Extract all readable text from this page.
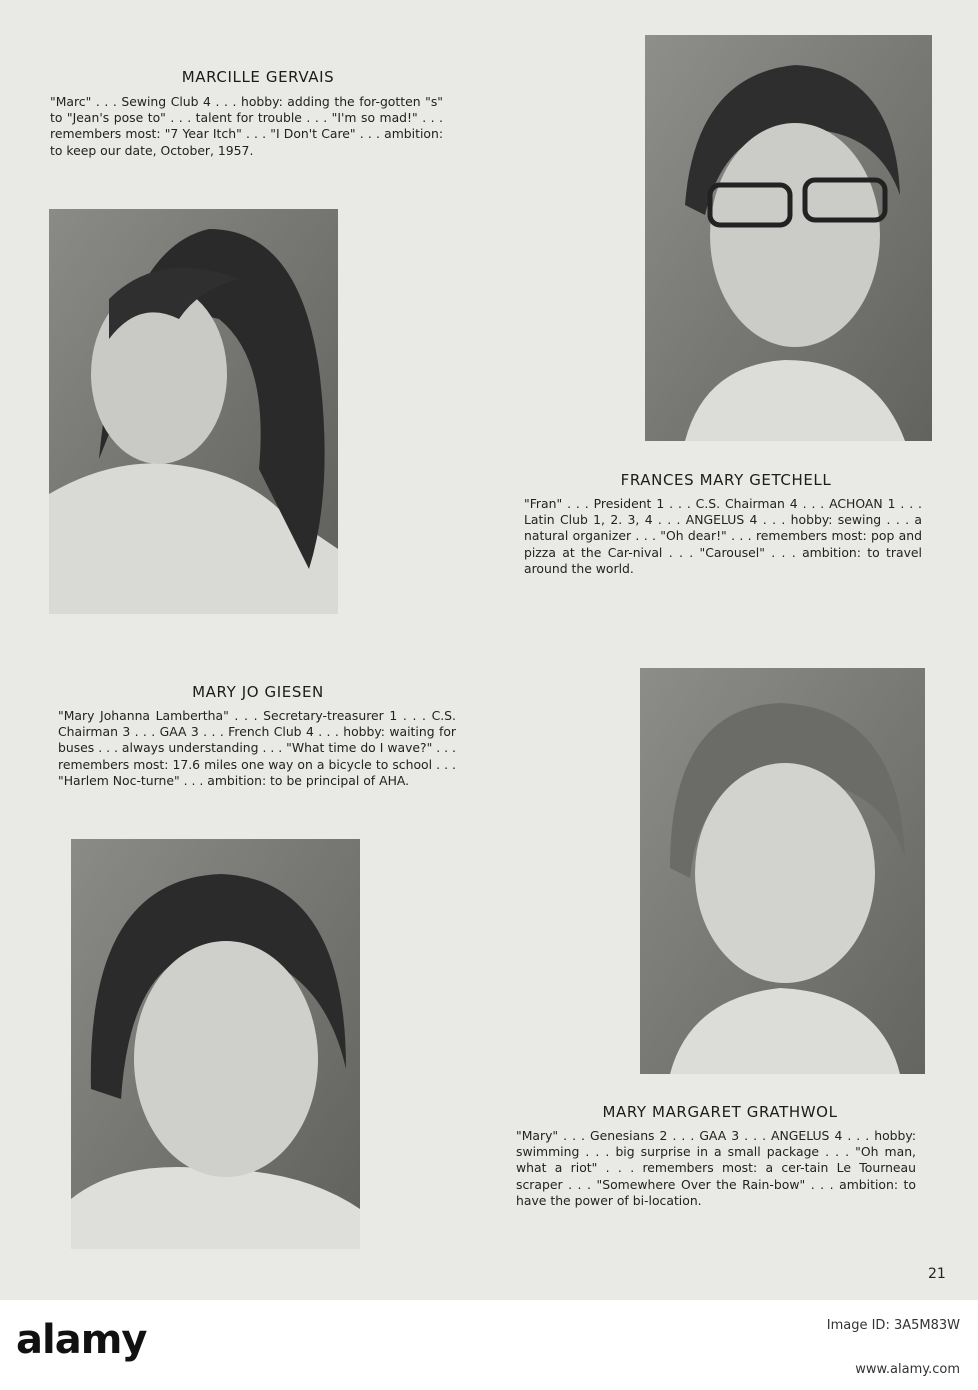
MARCILLE GERVAIS

"Marc" . . . Sewing Club 4 . . . hobby: adding the for-gotten "s" to "Jean's pose to" . . . talent for trouble . . . "I'm so mad!" . . . remembers most: "7 Year Itch" . . . "I Don't Care" . . . ambition: to keep our date, October, 1957.

FRANCES MARY GETCHELL

"Fran" . . . President 1 . . . C.S. Chairman 4 . . . ACHOAN 1 . . . Latin Club 1, 2. 3, 4 . . . ANGELUS 4 . . . hobby: sewing . . . a natural organizer . . . "Oh dear!" . . . remembers most: pop and pizza at the Car-nival . . . "Carousel" . . . ambition: to travel around the world.

MARY JO GIESEN

"Mary Johanna Lambertha" . . . Secretary-treasurer 1 . . . C.S. Chairman 3 . . . GAA 3 . . . French Club 4 . . . hobby: waiting for buses . . . always understanding . . . "What time do I wave?" . . . remembers most: 17.6 miles one way on a bicycle to school . . . "Harlem Noc-turne" . . . ambition: to be principal of AHA.

MARY MARGARET GRATHWOL

"Mary" . . . Genesians 2 . . . GAA 3 . . . ANGELUS 4 . . . hobby: swimming . . . big surprise in a small package . . . "Oh man, what a riot" . . . remembers most: a cer-tain Le Tourneau scraper . . . "Somewhere Over the Rain-bow" . . . ambition: to have the power of bi-location.

21
alamy	Image ID: 3A5M83W
www.alamy.com
